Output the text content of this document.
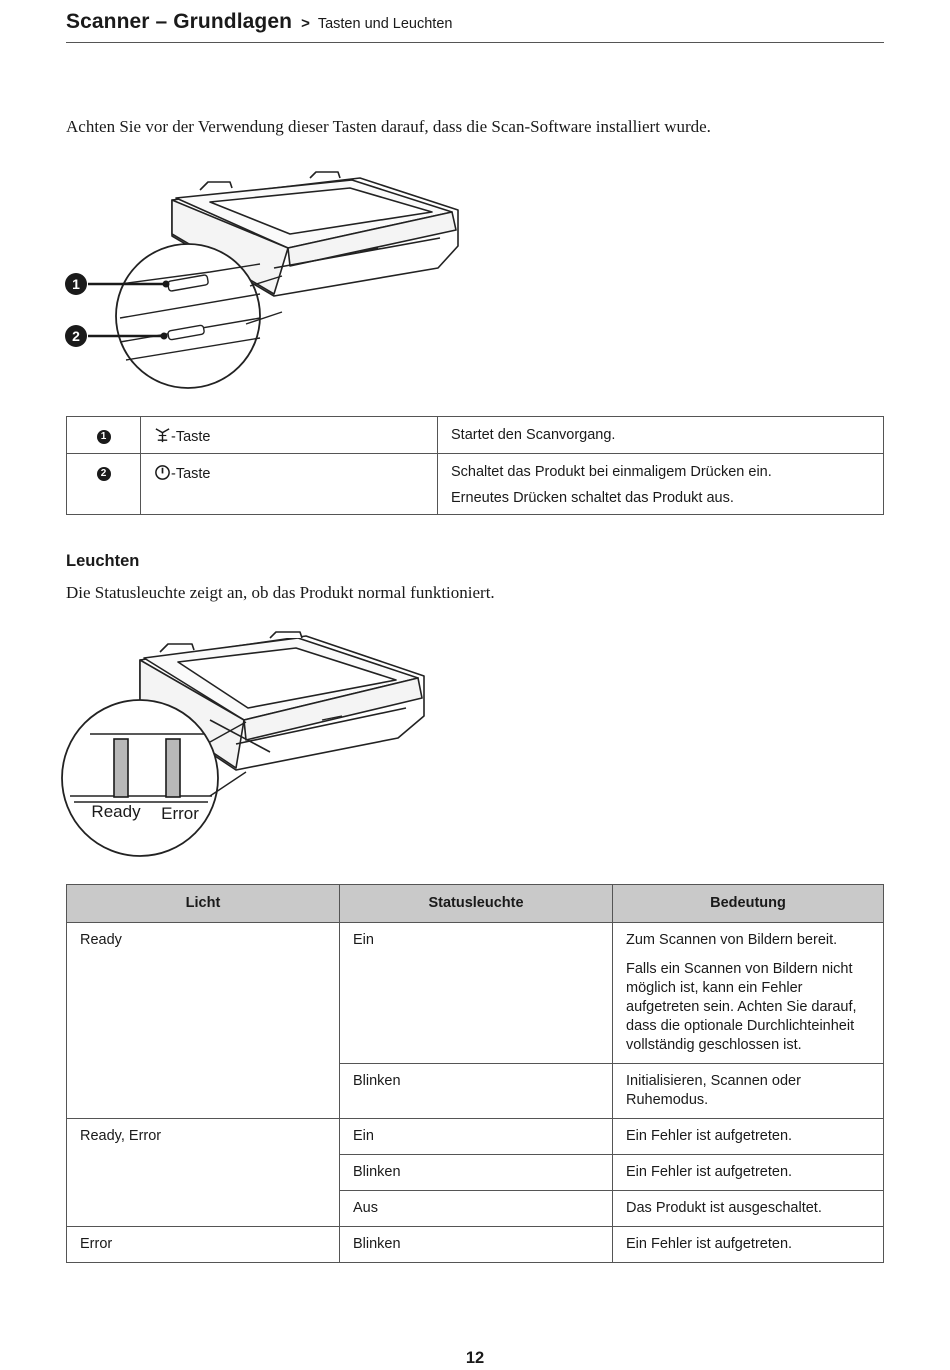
Scanner – Grundlagen > Tasten und Leuchten
Achten Sie vor der Verwendung dieser Tasten darauf, dass die Scan-Software installiert wurde.
1
2
1	-Taste	Startet den Scanvorgang.

2	-Taste	Schaltet das Produkt bei einmaligem Drücken ein.

Erneutes Drücken schaltet das Produkt aus.

Leuchten
Die Statusleuchte zeigt an, ob das Produkt normal funktioniert.
Ready Error
Licht	Statusleuchte	Bedeutung
Ready	Ein	Zum Scannen von Bildern bereit.

Falls ein Scannen von Bildern nicht möglich ist, kann ein Fehler aufgetreten sein. Achten Sie darauf, dass die optionale Durchlichteinheit vollständig geschlossen ist.

	Blinken	Initialisieren, Scannen oder Ruhemodus.
Ready, Error	Ein	Ein Fehler ist aufgetreten.
	Blinken	Ein Fehler ist aufgetreten.
	Aus	Das Produkt ist ausgeschaltet.
Error	Blinken	Ein Fehler ist aufgetreten.
12
